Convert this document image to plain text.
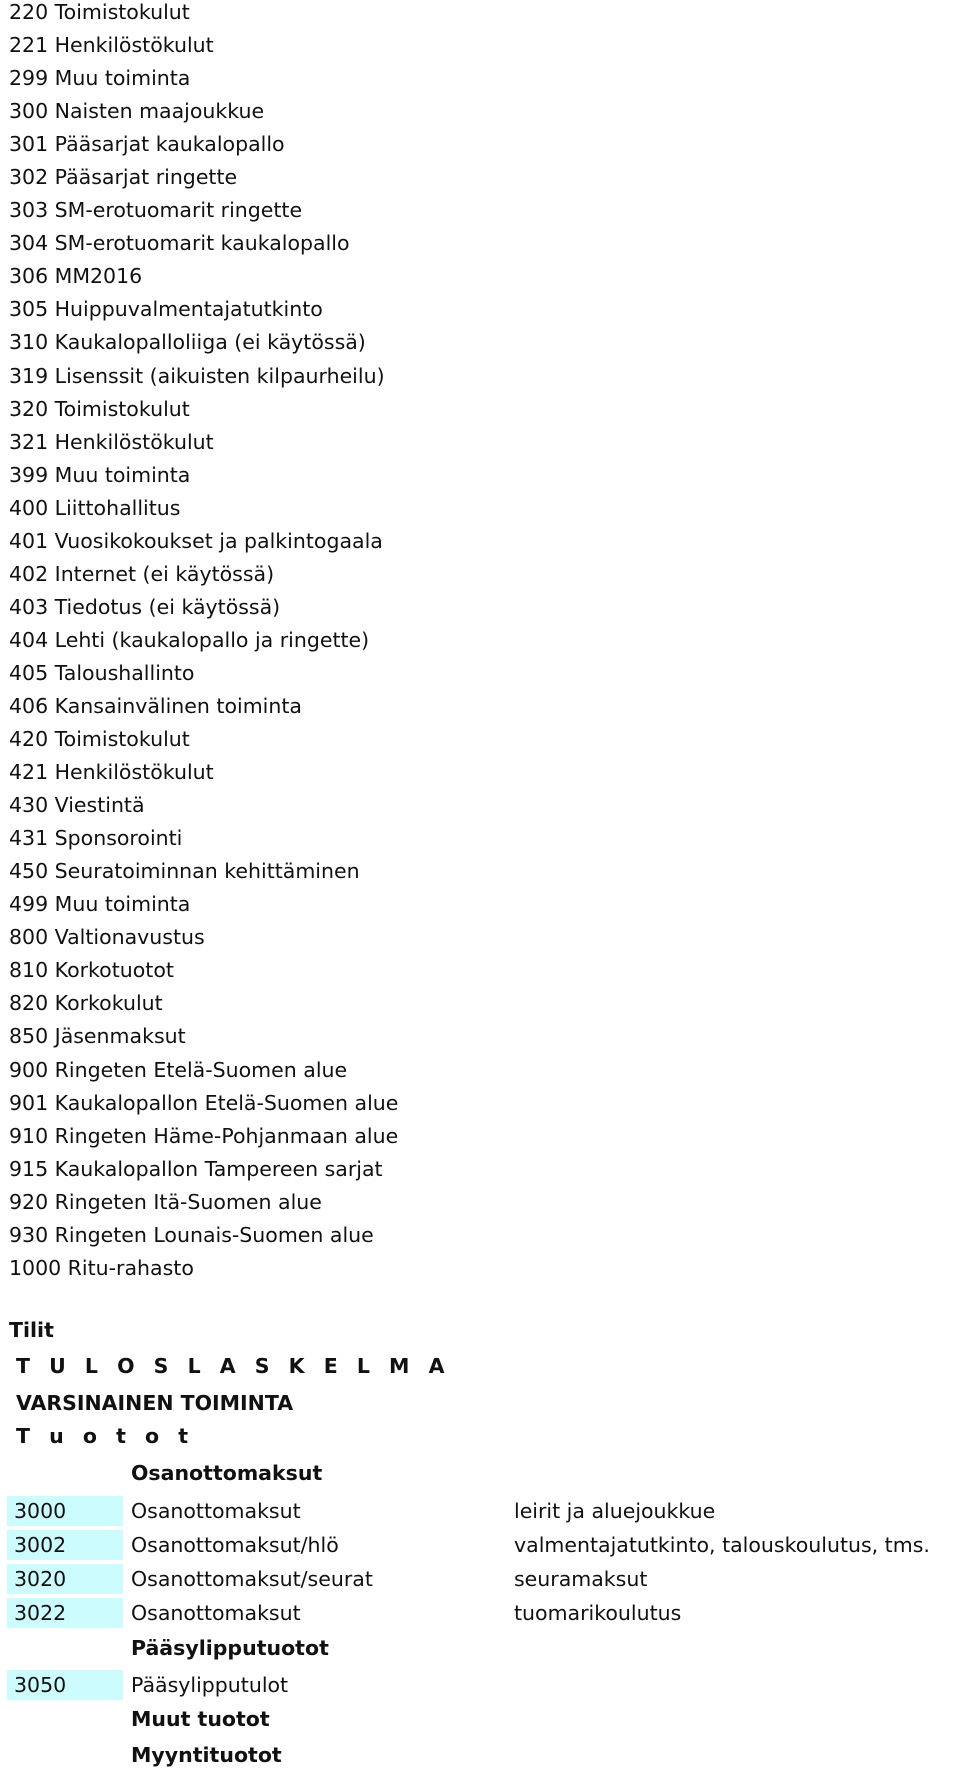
220 Toimistokulut
221 Henkilöstökulut
299 Muu toiminta
300 Naisten maajoukkue
301 Pääsarjat kaukalopallo
302 Pääsarjat ringette
303 SM-erotuomarit ringette
304 SM-erotuomarit kaukalopallo
306 MM2016
305 Huippuvalmentajatutkinto
310 Kaukalopalloliiga (ei käytössä)
319 Lisenssit (aikuisten kilpaurheilu)
320 Toimistokulut
321 Henkilöstökulut
399 Muu toiminta
400 Liittohallitus
401 Vuosikokoukset ja palkintogaala
402 Internet (ei käytössä)
403 Tiedotus (ei käytössä)
404 Lehti (kaukalopallo ja ringette)
405 Taloushallinto
406 Kansainvälinen toiminta
420 Toimistokulut
421 Henkilöstökulut
430 Viestintä
431 Sponsorointi
450 Seuratoiminnan kehittäminen
499 Muu toiminta
800 Valtionavustus
810 Korkotuotot
820 Korkokulut
850 Jäsenmaksut
900 Ringeten Etelä-Suomen alue
901 Kaukalopallon Etelä-Suomen alue
910 Ringeten Häme-Pohjanmaan alue
915 Kaukalopallon Tampereen sarjat
920 Ringeten Itä-Suomen alue
930 Ringeten Lounais-Suomen alue
1000 Ritu-rahasto
Tilit
T U L O S L A S K E L M A
VARSINAINEN TOIMINTA
T u o t o t
Osanottomaksut
3000	Osanottomaksut	leirit ja aluejoukkue
3002	Osanottomaksut/hlö	valmentajatutkinto, talouskoulutus, tms.
3020	Osanottomaksut/seurat	seuramaksut
3022	Osanottomaksut	tuomarikoulutus
Pääsylipputuotot
3050	Pääsylipputulot
Muut tuotot
Myyntituotot
